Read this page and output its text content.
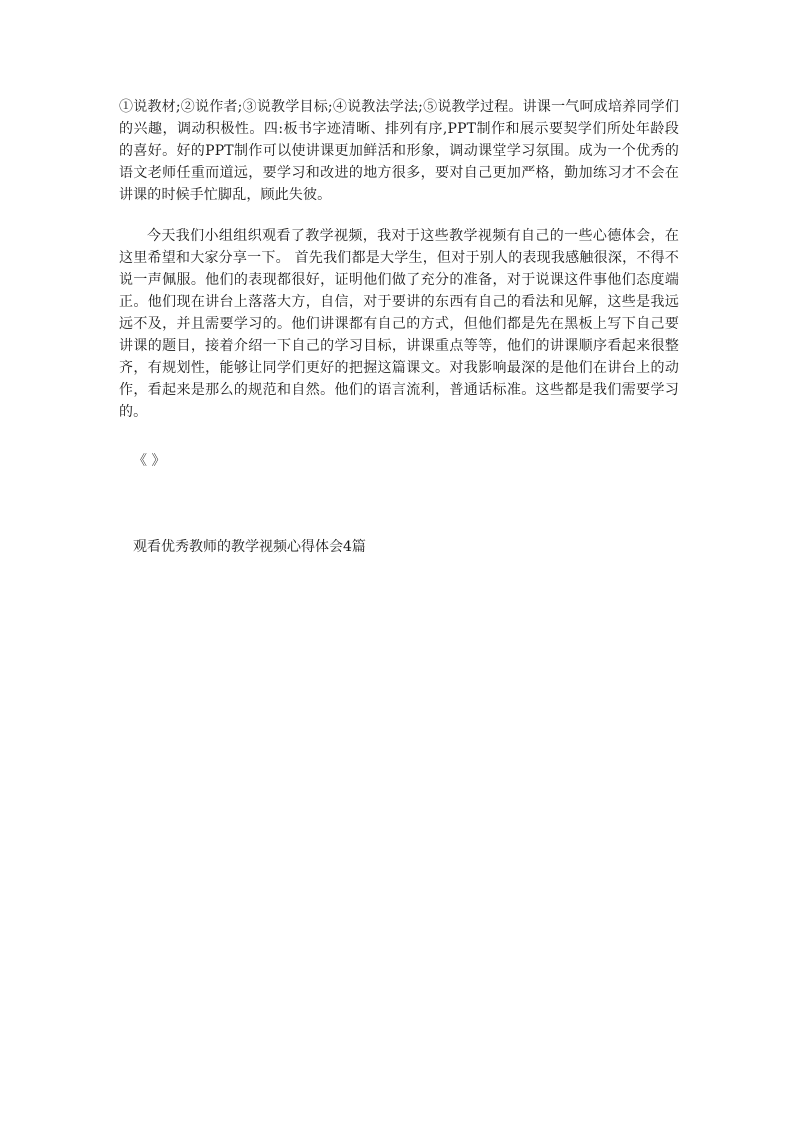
①说教材;②说作者;③说教学目标;④说教法学法;⑤说教学过程。讲课一气呵成培养同学们的兴趣，调动积极性。四:板书字迹清晰、排列有序,PPT制作和展示要契学们所处年龄段的喜好。好的PPT制作可以使讲课更加鲜活和形象，调动课堂学习氛围。成为一个优秀的语文老师任重而道远，要学习和改进的地方很多，要对自己更加严格，勤加练习才不会在讲课的时候手忙脚乱，顾此失彼。

今天我们小组组织观看了教学视频，我对于这些教学视频有自己的一些心德体会，在这里希望和大家分享一下。 首先我们都是大学生，但对于别人的表现我感触很深，不得不说一声佩服。他们的表现都很好，证明他们做了充分的准备，对于说课这件事他们态度端正。他们现在讲台上落落大方，自信，对于要讲的东西有自己的看法和见解，这些是我远远不及，并且需要学习的。他们讲课都有自己的方式，但他们都是先在黑板上写下自己要讲课的题目，接着介绍一下自己的学习目标，讲课重点等等，他们的讲课顺序看起来很整齐，有规划性，能够让同学们更好的把握这篇课文。对我影响最深的是他们在讲台上的动作，看起来是那么的规范和自然。他们的语言流利，普通话标准。这些都是我们需要学习的。

《 》

观看优秀教师的教学视频心得体会4篇
